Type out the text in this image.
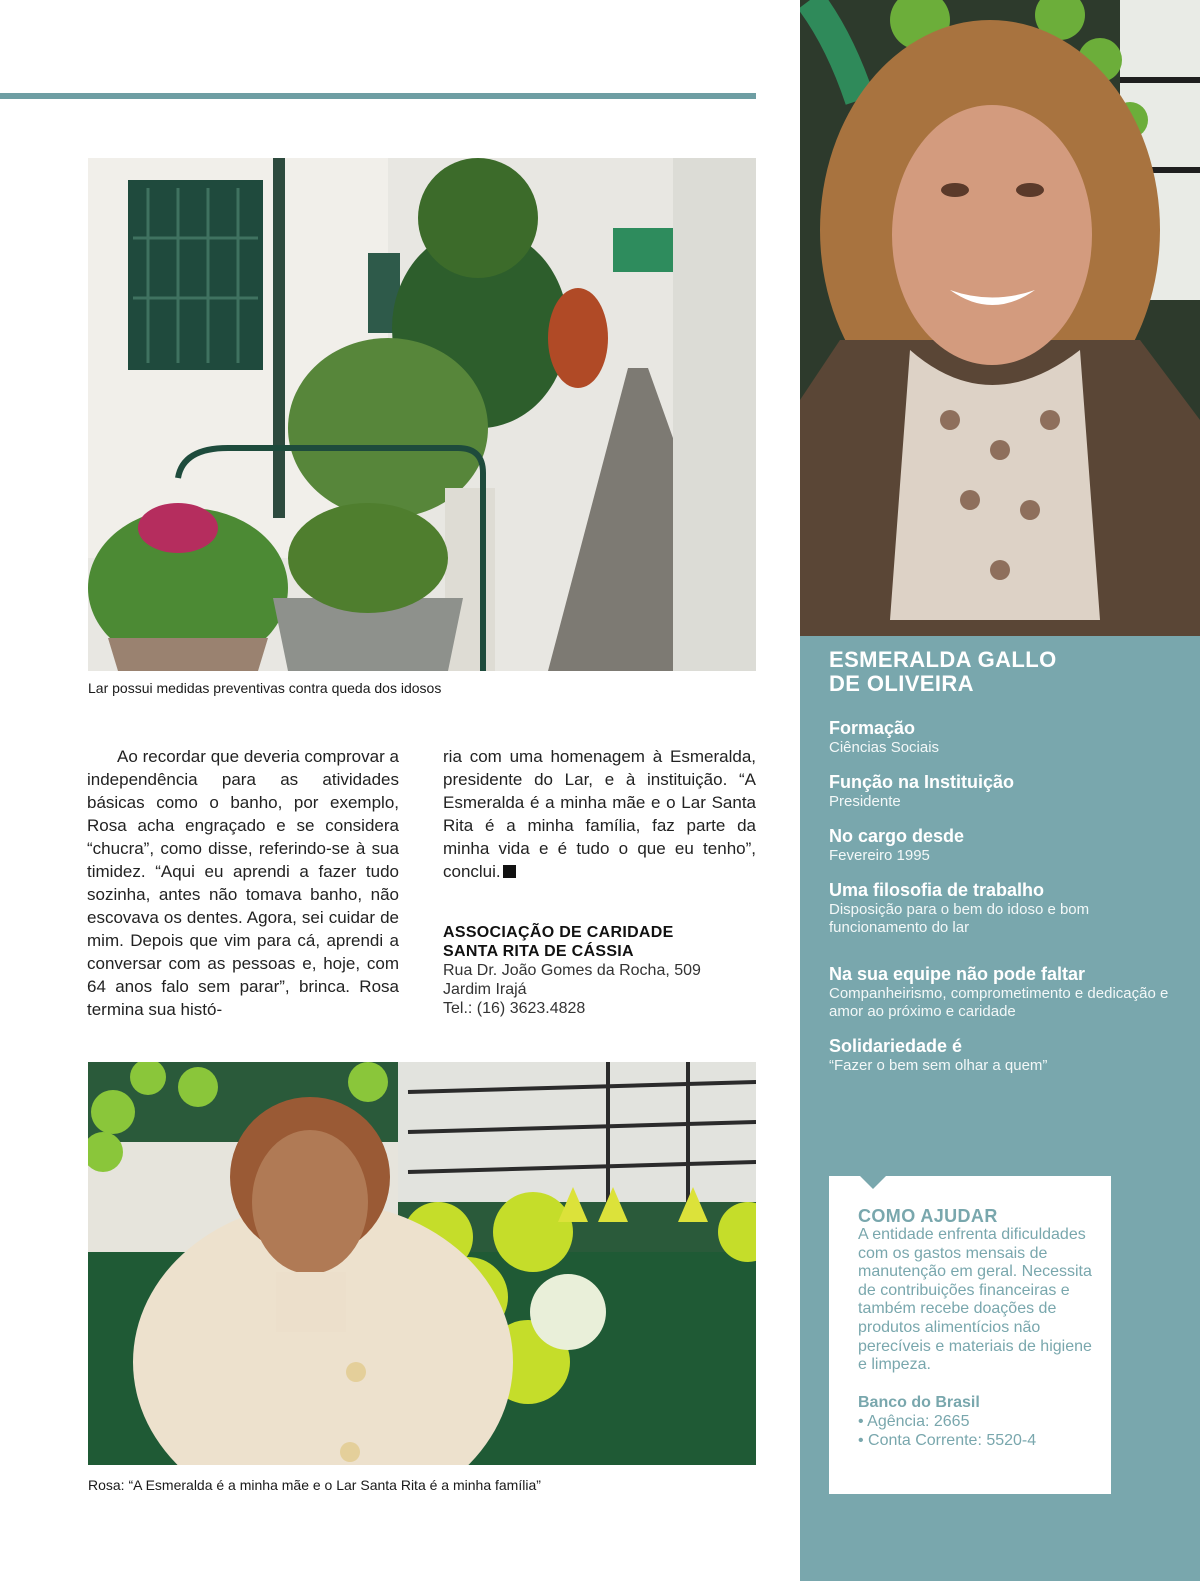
Lar possui medidas preventivas contra queda dos idosos

Ao recordar que deveria comprovar a independência para as atividades básicas como o banho, por exemplo, Rosa acha engraçado e se considera “chucra”, como disse, referindo-se à sua timidez. “Aqui eu aprendi a fazer tudo sozinha, antes não tomava banho, não escovava os dentes. Agora, sei cuidar de mim. Depois que vim para cá, aprendi a conversar com as pessoas e, hoje, com 64 anos falo sem parar”, brinca. Rosa termina sua histó-

ria com uma homenagem à Esmeralda, presidente do Lar, e à instituição. “A Esmeralda é a minha mãe e o Lar Santa Rita é a minha família, faz parte da minha vida e é tudo o que eu tenho”, conclui.

ASSOCIAÇÃO DE CARIDADE
SANTA RITA DE CÁSSIA
Rua Dr. João Gomes da Rocha, 509
Jardim Irajá
Tel.: (16) 3623.4828
Rosa: “A Esmeralda é a minha mãe e o Lar Santa Rita é a minha família”
ESMERALDA GALLO
DE OLIVEIRA
Formação
Ciências Sociais
Função na Instituição
Presidente
No cargo desde
Fevereiro 1995
Uma filosofia de trabalho
Disposição para o bem do idoso e bom funcionamento do lar
Na sua equipe não pode faltar
Companheirismo, comprometimento e dedicação e amor ao próximo e caridade
Solidariedade é
“Fazer o bem sem olhar a quem”
COMO AJUDAR
A entidade enfrenta dificuldades com os gastos mensais de manutenção em geral. Necessita de contribuições financeiras e também recebe doações de produtos alimentícios não perecíveis e materiais de higiene e limpeza.
Banco do Brasil
• Agência: 2665
• Conta Corrente: 5520-4
